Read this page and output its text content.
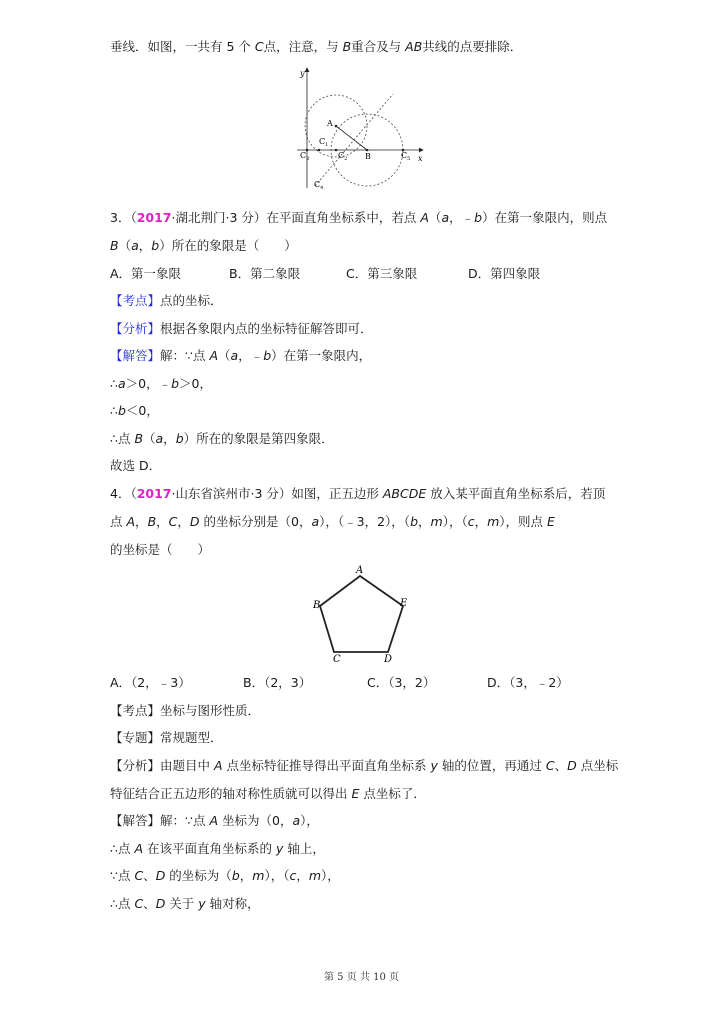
垂线．如图，一共有 5 个 C点，注意，与 B重合及与 AB共线的点要排除．
y
x
A
B
$C_1$
$C_2$
$C_3$
$C_4$
$C_5$
3．（2017·湖北荆门·3 分）在平面直角坐标系中，若点 A（a，﹣b）在第一象限内，则点
B（a，b）所在的象限是（　　）
A．第一象限	B．第二象限	C．第三象限	D．第四象限
【考点】点的坐标．
【分析】根据各象限内点的坐标特征解答即可．
【解答】解：∵点 A（a，﹣b）在第一象限内，
∴a＞0，﹣b＞0，
∴b＜0，
∴点 B（a，b）所在的象限是第四象限．
故选 D．
4．（2017·山东省滨州市·3 分）如图，正五边形 ABCDE 放入某平面直角坐标系后，若顶
点 A，B，C，D 的坐标分别是（0，a），（﹣3，2），（b，m），（c，m），则点 E
的坐标是（　　）
A
B
C	D
E
A．（2，﹣3）	B．（2，3）	C．（3，2）	D．（3，﹣2）
【考点】坐标与图形性质．
【专题】常规题型．
【分析】由题目中 A 点坐标特征推导得出平面直角坐标系 y 轴的位置，再通过 C、D 点坐标
特征结合正五边形的轴对称性质就可以得出 E 点坐标了．
【解答】解：∵点 A 坐标为（0，a），
∴点 A 在该平面直角坐标系的 y 轴上，
∵点 C、D 的坐标为（b，m），（c，m），
∴点 C、D 关于 y 轴对称，
第 5 页 共 10 页
